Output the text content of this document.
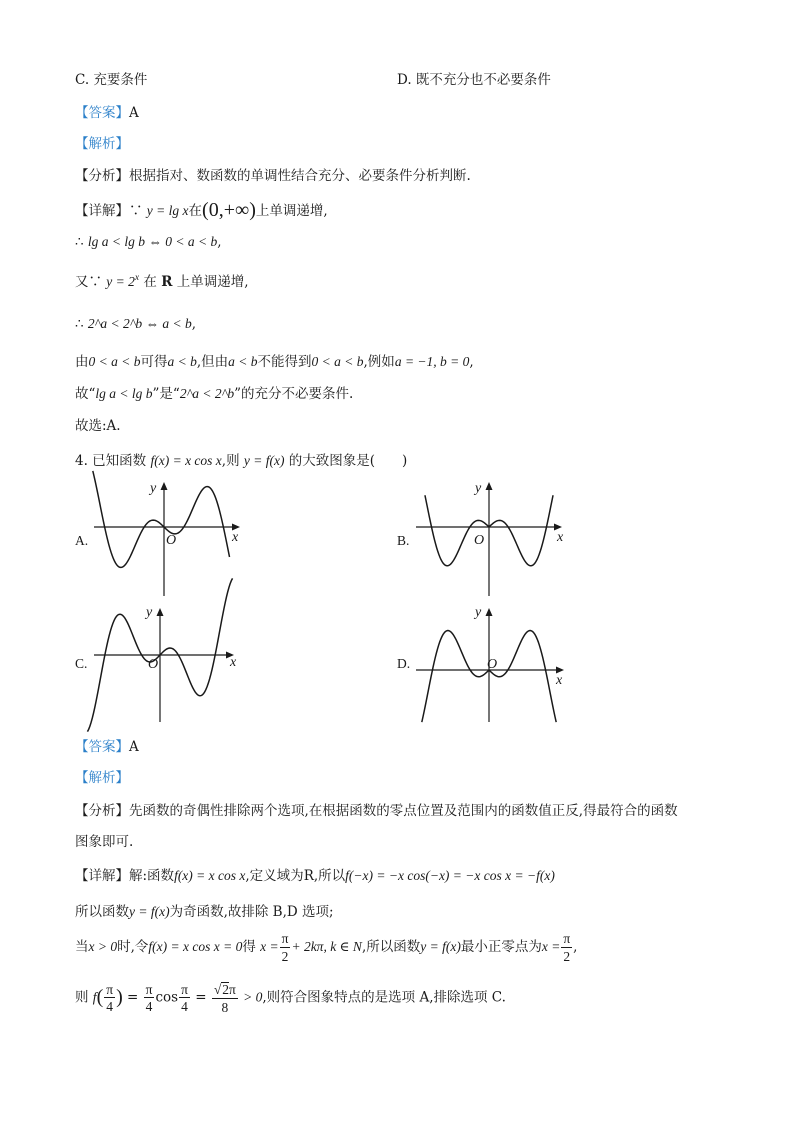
C. 充要条件	D. 既不充分也不必要条件
【答案】A
【解析】
【分析】根据指对、数函数的单调性结合充分、必要条件分析判断.
【详解】∵ y = lg x在(0,+∞)上单调递增,
∴ lg a < lg b ⇔ 0 < a < b,
又∵ $y = 2^x$ 在 R 上单调递增,
∴ 2^a < 2^b ⇔ a < b,
由0 < a < b可得a < b,但由a < b不能得到0 < a < b,例如a = −1, b = 0,
故“lg a < lg b”是“2^a < 2^b”的充分不必要条件.
故选:A.
4. 已知函数 f(x) = x cos x,则 y = f(x) 的大致图象是(　　)
A.
y
x
O	B.
y
x
O
C.
y
x
O	D.
y
x
O
【答案】A
【解析】
【分析】先函数的奇偶性排除两个选项,在根据函数的零点位置及范围内的函数值正反,得最符合的函数
图象即可.
【详解】解:函数f(x) = x cos x,定义域为R,所以f(−x) = −x cos(−x) = −x cos x = −f(x)
所以函数y = f(x)为奇函数,故排除 B,D 选项;
当x > 0时,令f(x) = x cos x = 0得 $x = \frac{\pi}{2} + 2k\pi$, k ∈ N,所以函数y = f(x)最小正零点为$x = \frac{\pi}{2}$ ,
则 $f( \frac{\pi}{4}$ ) = $\frac{\pi}{4}$ $\cos \frac{\pi}{4} = \frac{√2\pi}{8} > 0$,则符合图象特点的是选项 A,排除选项 C.
